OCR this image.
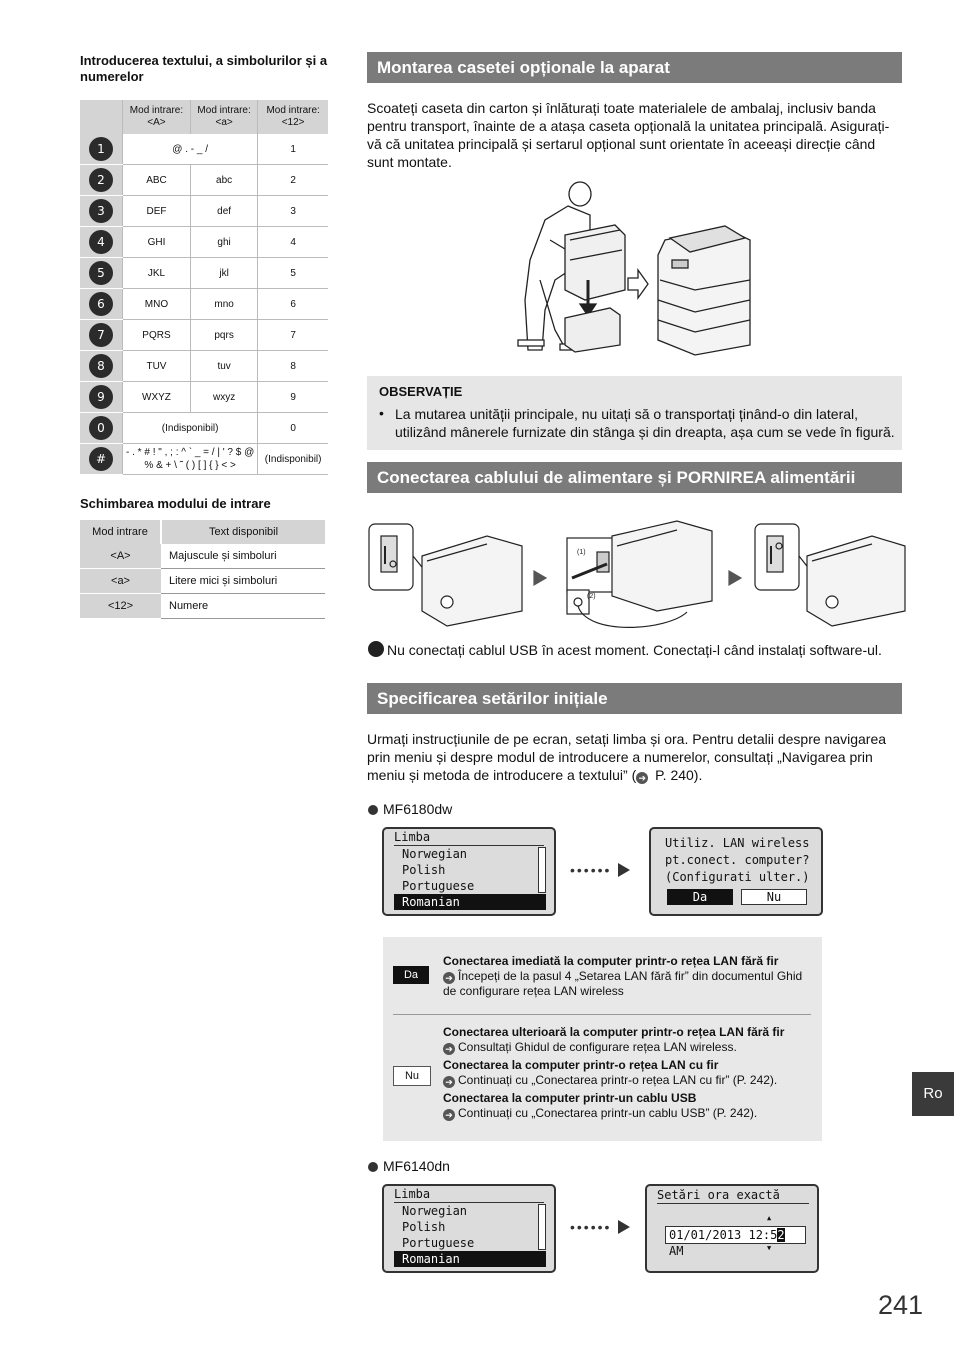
Introducerea textului, a simbolurilor și a numerelor
	Mod intrare: <A>	Mod intrare: <a>	Mod intrare: <12>
1	@ . - _ /		1
2	ABC	abc	2
3	DEF	def	3
4	GHI	ghi	4
5	JKL	jkl	5
6	MNO	mno	6
7	PQRS	pqrs	7
8	TUV	tuv	8
9	WXYZ	wxyz	9
0	(Indisponibil)		0
#	- . * # ! " , ; : ^ ` _ = / | ' ? $ @ % & + \ ˜ ( ) [ ] { } < >		(Indisponibil)
Schimbarea modului de intrare
Mod intrare	Text disponibil
<A>	Majuscule și simboluri
<a>	Litere mici și simboluri
<12>	Numere
Montarea casetei opționale la aparat
Scoateți caseta din carton și înlăturați toate materialele de ambalaj, inclusiv banda pentru transport, înainte de a atașa caseta opțională la unitatea principală. Asigurați-vă că unitatea principală și sertarul opțional sunt orientate în aceeași direcție când sunt montate.
OBSERVAȚIE
• La mutarea unității principale, nu uitați să o transportați ținând-o din lateral, utilizând mânerele furnizate din stânga și din dreapta, așa cum se vede în figură.
Conectarea cablului de alimentare și PORNIREA alimentării
(1)
(2)
Nu conectați cablul USB în acest moment. Conectați-l când instalați software-ul.
Specificarea setărilor inițiale
Urmați instrucțiunile de pe ecran, setați limba și ora. Pentru detalii despre navigarea prin meniu și despre modul de introducere a numerelor, consultați „Navigarea prin meniu și metoda de introducere a textului” ( ➔ P. 240).
MF6180dw
Limba
Norwegian
Polish
Portuguese
Romanian
••••••
Utiliz. LAN wireless
pt.conect. computer?
(Configurati ulter.)
Da	Nu
Da
Conectarea imediată la computer printr-o rețea LAN fără fir
➔ Începeți de la pasul 4 „Setarea LAN fără fir” din documentul Ghid de configurare rețea LAN wireless
Nu
Conectarea ulterioară la computer printr-o rețea LAN fără fir
➔ Consultați Ghidul de configurare rețea LAN wireless.
Conectarea la computer printr-o rețea LAN cu fir
➔ Continuați cu „Conectarea printr-o rețea LAN cu fir” (P. 242).
Conectarea la computer printr-un cablu USB
➔ Continuați cu „Conectarea printr-un cablu USB” (P. 242).
MF6140dn
Limba
Norwegian
Polish
Portuguese
Romanian
••••••
Setări ora exactă
▲
01/01/2013 12:52 AM	▼
Ro
241
